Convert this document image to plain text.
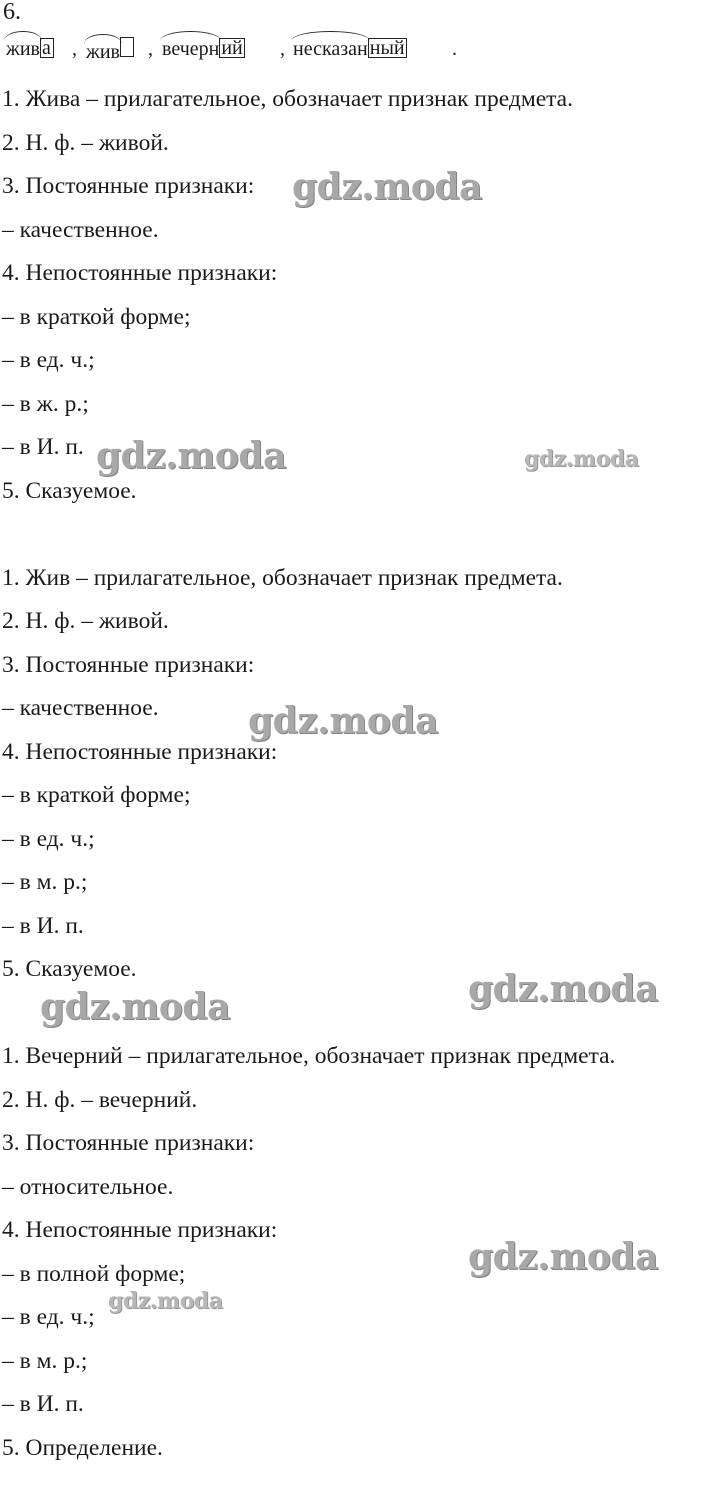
6.
жив а , жив	, вечерн ий , несказан ный .

1. Жива – прилагательное, обозначает признак предмета.

2. Н. ф. – живой.

3. Постоянные признаки:

– качественное.

4. Непостоянные признаки:

– в краткой форме;

– в ед. ч.;

– в ж. р.;

– в И. п.

5. Сказуемое.

1. Жив – прилагательное, обозначает признак предмета.

2. Н. ф. – живой.

3. Постоянные признаки:

– качественное.

4. Непостоянные признаки:

– в краткой форме;

– в ед. ч.;

– в м. р.;

– в И. п.

5. Сказуемое.

1. Вечерний – прилагательное, обозначает признак предмета.

2. Н. ф. – вечерний.

3. Постоянные признаки:

– относительное.

4. Непостоянные признаки:

– в полной форме;

– в ед. ч.;

– в м. р.;

– в И. п.

5. Определение.

gdz.moda
gdz.moda	gdz.moda
gdz.moda
gdz.moda
gdz.moda
gdz.moda
gdz.moda
